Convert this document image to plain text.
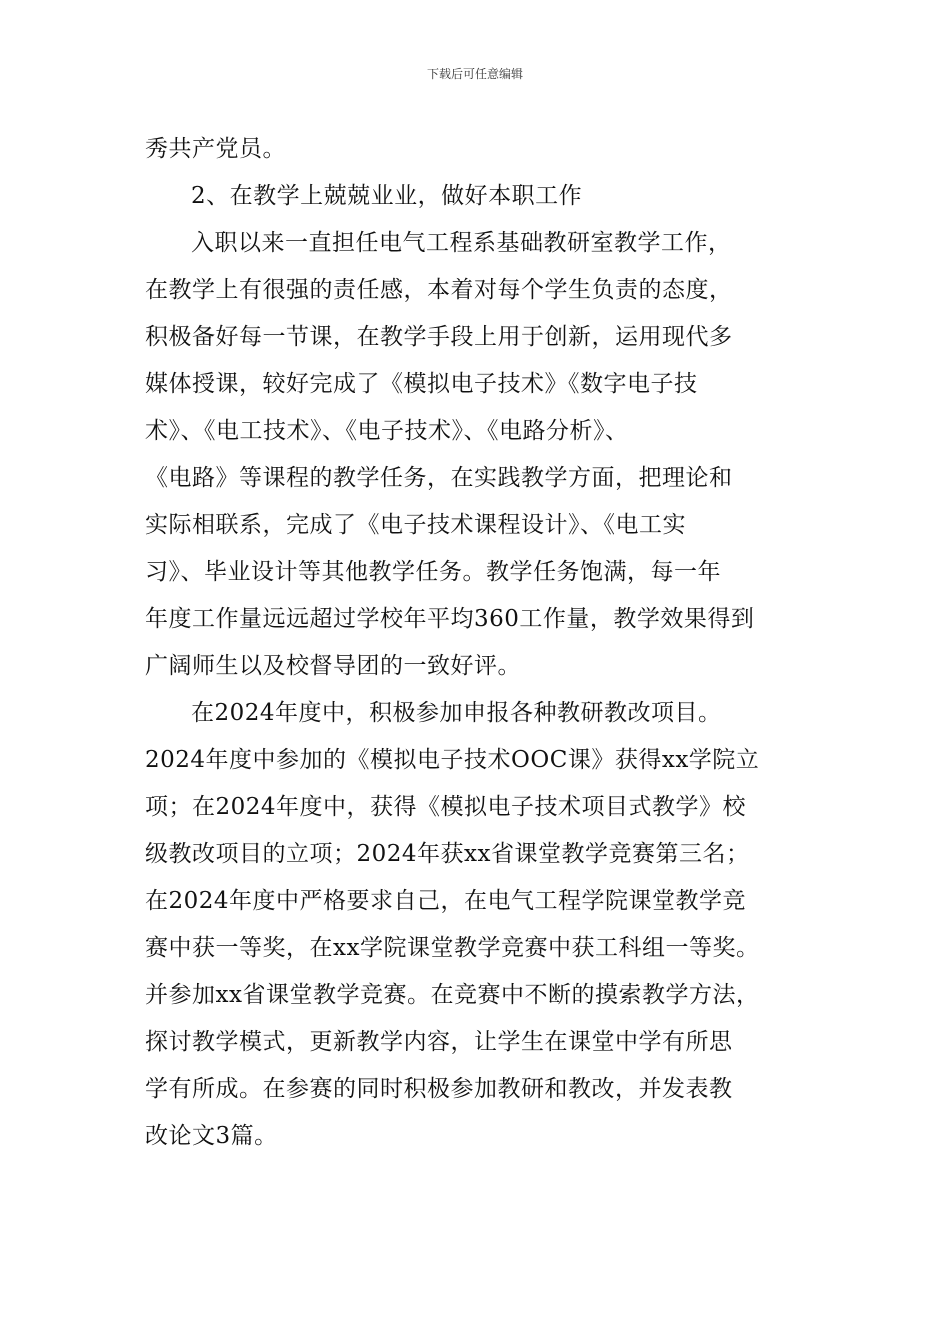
下载后可任意编辑
秀共产党员。
2、在教学上兢兢业业，做好本职工作
入职以来一直担任电气工程系基础教研室教学工作，
在教学上有很强的责任感，本着对每个学生负责的态度，
积极备好每一节课，在教学手段上用于创新，运用现代多
媒体授课，较好完成了《模拟电子技术》《数字电子技
术》、《电工技术》、《电子技术》、《电路分析》、
《电路》等课程的教学任务，在实践教学方面，把理论和
实际相联系，完成了《电子技术课程设计》、《电工实
习》、毕业设计等其他教学任务。教学任务饱满，每一年
年度工作量远远超过学校年平均360工作量，教学效果得到
广阔师生以及校督导团的一致好评。
在2024年度中，积极参加申报各种教研教改项目。
2024年度中参加的《模拟电子技术OOC课》获得xx学院立
项；在2024年度中，获得《模拟电子技术项目式教学》校
级教改项目的立项；2024年获xx省课堂教学竞赛第三名；
在2024年度中严格要求自己，在电气工程学院课堂教学竞
赛中获一等奖，在xx学院课堂教学竞赛中获工科组一等奖。
并参加xx省课堂教学竞赛。在竞赛中不断的摸索教学方法，
探讨教学模式，更新教学内容，让学生在课堂中学有所思
学有所成。在参赛的同时积极参加教研和教改，并发表教
改论文3篇。
